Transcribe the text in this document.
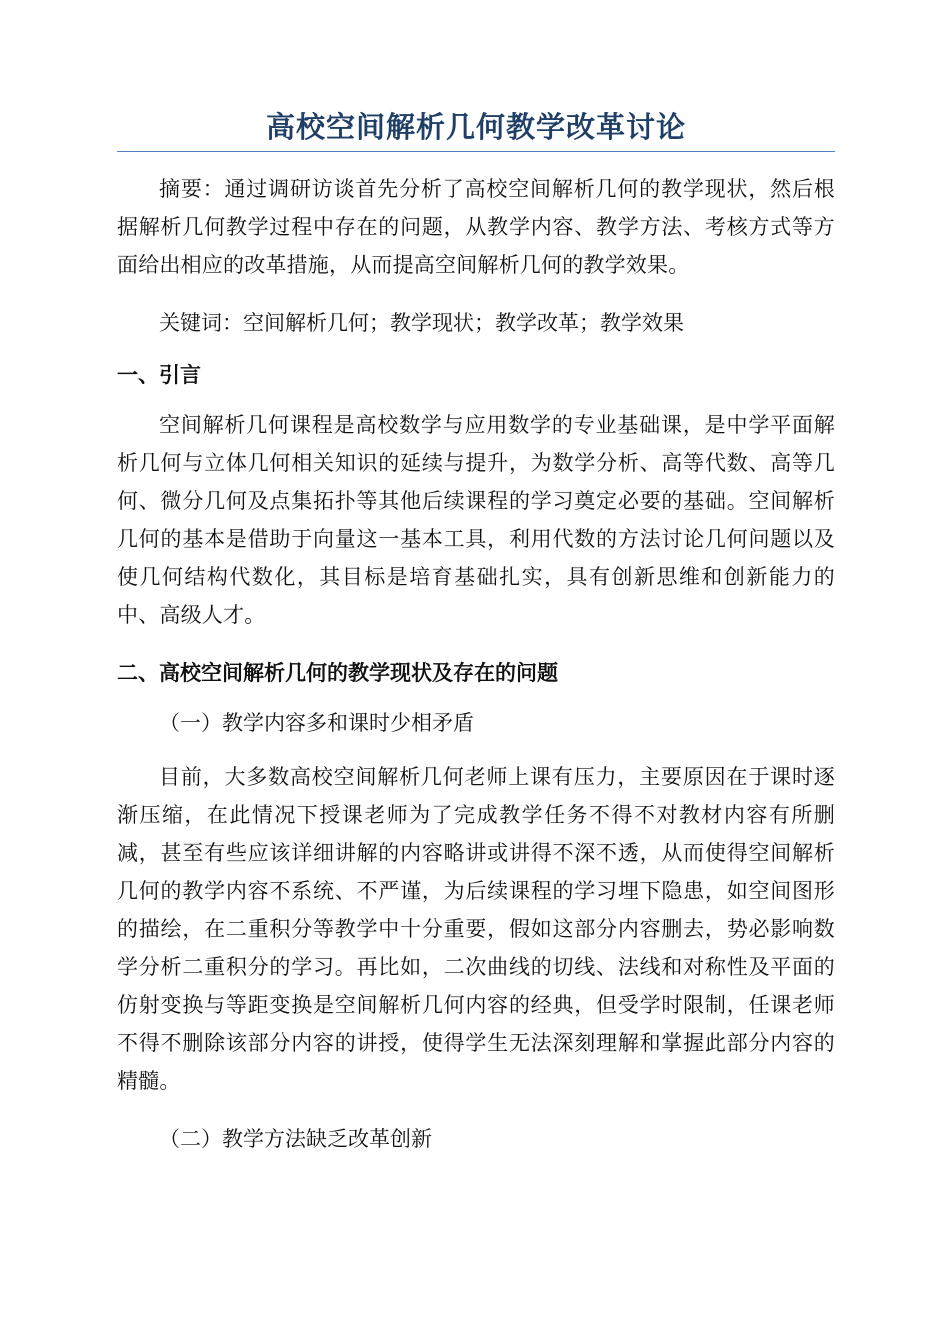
高校空间解析几何教学改革讨论

摘要：通过调研访谈首先分析了高校空间解析几何的教学现状，然后根据解析几何教学过程中存在的问题，从教学内容、教学方法、考核方式等方面给出相应的改革措施，从而提高空间解析几何的教学效果。

关键词：空间解析几何；教学现状；教学改革；教学效果

一、引言

空间解析几何课程是高校数学与应用数学的专业基础课，是中学平面解析几何与立体几何相关知识的延续与提升，为数学分析、高等代数、高等几何、微分几何及点集拓扑等其他后续课程的学习奠定必要的基础。空间解析几何的基本是借助于向量这一基本工具，利用代数的方法讨论几何问题以及使几何结构代数化，其目标是培育基础扎实，具有创新思维和创新能力的中、高级人才。

二、高校空间解析几何的教学现状及存在的问题
（一）教学内容多和课时少相矛盾

目前，大多数高校空间解析几何老师上课有压力，主要原因在于课时逐渐压缩，在此情况下授课老师为了完成教学任务不得不对教材内容有所删减，甚至有些应该详细讲解的内容略讲或讲得不深不透，从而使得空间解析几何的教学内容不系统、不严谨，为后续课程的学习埋下隐患，如空间图形的描绘，在二重积分等教学中十分重要，假如这部分内容删去，势必影响数学分析二重积分的学习。再比如，二次曲线的切线、法线和对称性及平面的仿射变换与等距变换是空间解析几何内容的经典，但受学时限制，任课老师不得不删除该部分内容的讲授，使得学生无法深刻理解和掌握此部分内容的精髓。

（二）教学方法缺乏改革创新
